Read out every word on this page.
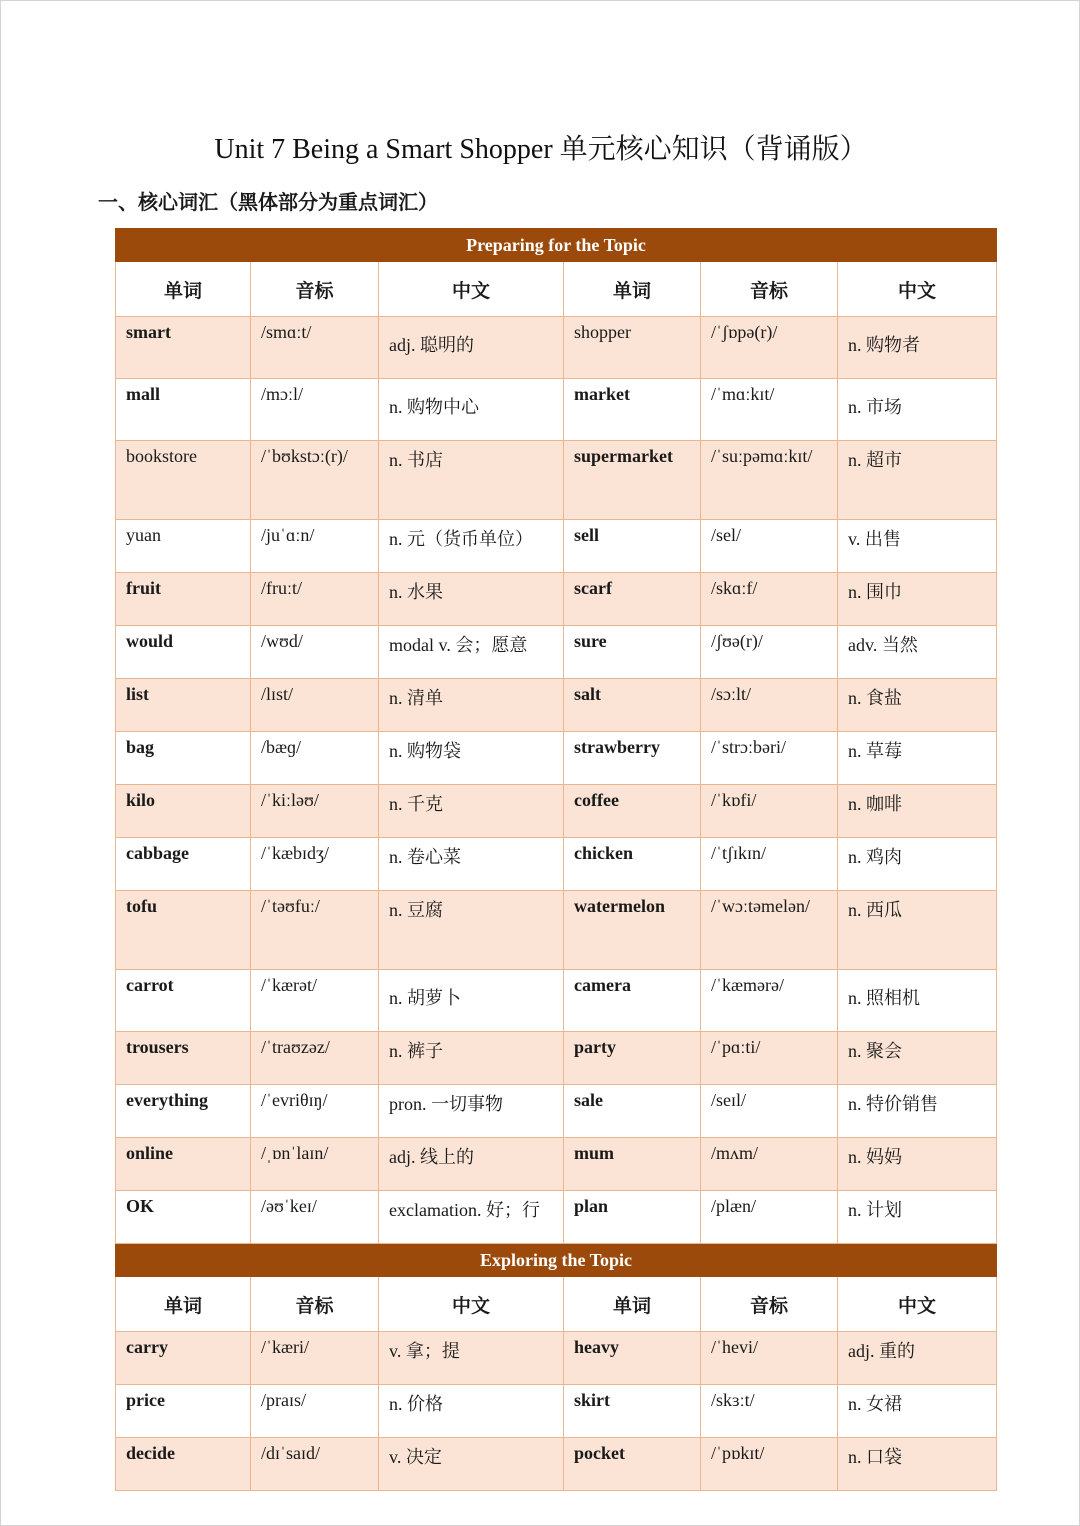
Unit 7 Being a Smart Shopper 单元核心知识（背诵版）
一、核心词汇（黑体部分为重点词汇）
Preparing for the Topic					
单词	音标	中文	单词	音标	中文
smart	/smɑːt/	adj. 聪明的	shopper	/ˈʃɒpə(r)/	n. 购物者
mall	/mɔːl/	n. 购物中心	market	/ˈmɑːkɪt/	n. 市场
bookstore	/ˈbʊkstɔː(r)/	n. 书店	supermarket	/ˈsuːpəmɑːkɪt/	n. 超市
yuan	/juˈɑːn/	n. 元（货币单位）	sell	/sel/	v. 出售
fruit	/fruːt/	n. 水果	scarf	/skɑːf/	n. 围巾
would	/wʊd/	modal v. 会；愿意	sure	/ʃʊə(r)/	adv. 当然
list	/lɪst/	n. 清单	salt	/sɔːlt/	n. 食盐
bag	/bæɡ/	n. 购物袋	strawberry	/ˈstrɔːbəri/	n. 草莓
kilo	/ˈkiːləʊ/	n. 千克	coffee	/ˈkɒfi/	n. 咖啡
cabbage	/ˈkæbɪdʒ/	n. 卷心菜	chicken	/ˈtʃɪkɪn/	n. 鸡肉
tofu	/ˈtəʊfuː/	n. 豆腐	watermelon	/ˈwɔːtəmelən/	n. 西瓜
carrot	/ˈkærət/	n. 胡萝卜	camera	/ˈkæmərə/	n. 照相机
trousers	/ˈtraʊzəz/	n. 裤子	party	/ˈpɑːti/	n. 聚会
everything	/ˈevriθɪŋ/	pron. 一切事物	sale	/seɪl/	n. 特价销售
online	/ˌɒnˈlaɪn/	adj. 线上的	mum	/mʌm/	n. 妈妈
OK	/əʊˈkeɪ/	exclamation. 好；行	plan	/plæn/	n. 计划
Exploring the Topic					
单词	音标	中文	单词	音标	中文
carry	/ˈkæri/	v. 拿；提	heavy	/ˈhevi/	adj. 重的
price	/praɪs/	n. 价格	skirt	/skɜːt/	n. 女裙
decide	/dɪˈsaɪd/	v. 决定	pocket	/ˈpɒkɪt/	n. 口袋
